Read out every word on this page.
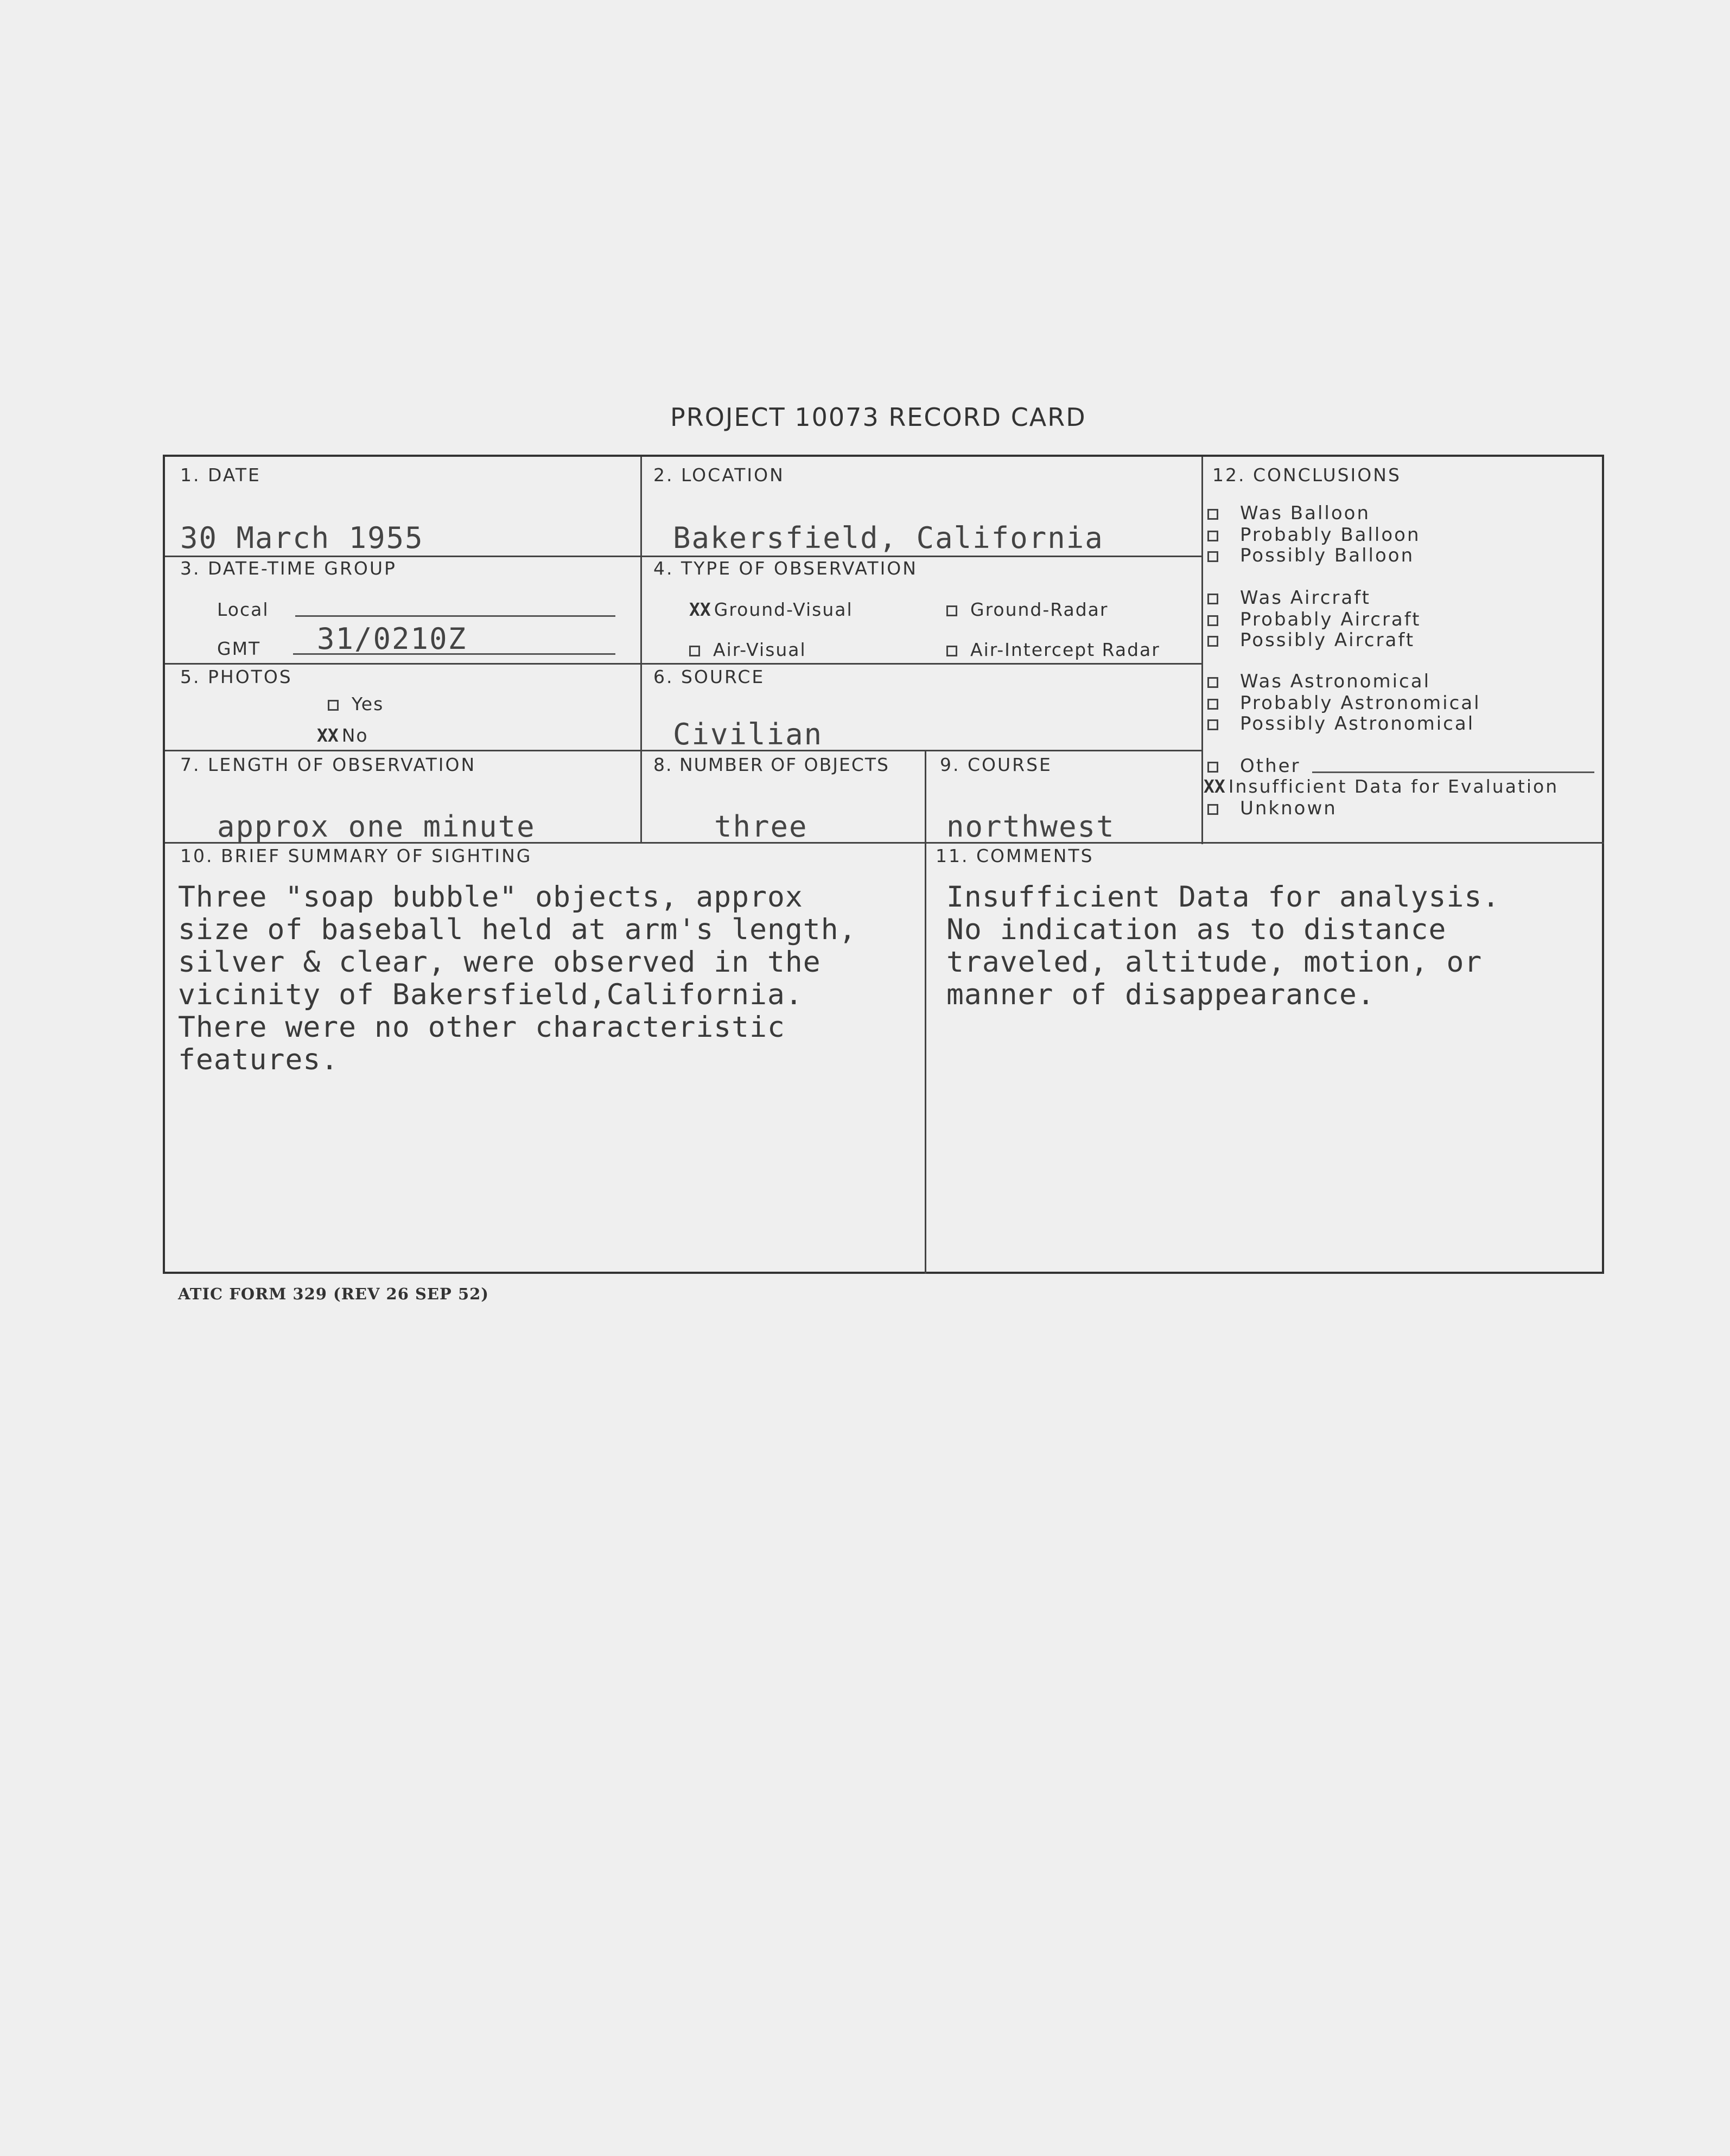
PROJECT 10073 RECORD CARD
1. DATE
30 March 1955
2. LOCATION
Bakersfield, California
3. DATE-TIME GROUP
Local
GMT 31/0210Z
4. TYPE OF OBSERVATION
XX Ground-Visual	Ground-Radar
Air-Visual	Air-Intercept Radar
5. PHOTOS
Yes
XX No
6. SOURCE
Civilian
7. LENGTH OF OBSERVATION
approx one minute
8. NUMBER OF OBJECTS
three
9. COURSE
northwest
10. BRIEF SUMMARY OF SIGHTING
Three "soap bubble" objects, approx
size of baseball held at arm's length,
silver & clear, were observed in the
vicinity of Bakersfield,California.
There were no other characteristic
features.
11. COMMENTS
Insufficient Data for analysis.
No indication as to distance
traveled, altitude, motion, or
manner of disappearance.
12. CONCLUSIONS
Was Balloon
Probably Balloon
Possibly Balloon
Was Aircraft
Probably Aircraft
Possibly Aircraft
Was Astronomical
Probably Astronomical
Possibly Astronomical
Other
XX Insufficient Data for Evaluation
Unknown
ATIC FORM 329 (REV 26 SEP 52)
